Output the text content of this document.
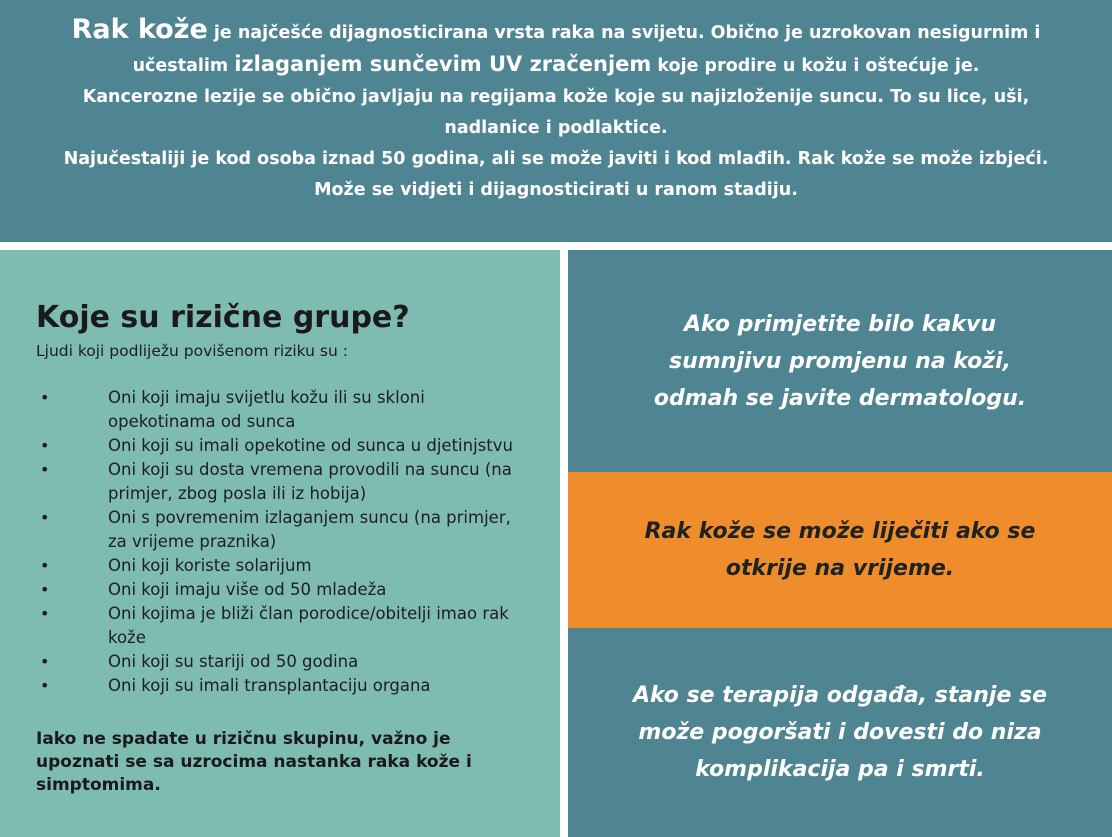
Rak kože je najčešće dijagnosticirana vrsta raka na svijetu. Obično je uzrokovan nesigurnim i

učestalim izlaganjem sunčevim UV zračenjem koje prodire u kožu i oštećuje je.

Kancerozne lezije se obično javljaju na regijama kože koje su najizloženije suncu. To su lice, uši,

nadlanice i podlaktice.

Najučestaliji je kod osoba iznad 50 godina, ali se može javiti i kod mlađih. Rak kože se može izbjeći.

Može se vidjeti i dijagnosticirati u ranom stadiju.

Koje su rizične grupe?

Ljudi koji podliježu povišenom riziku su :

•	Oni koji imaju svijetlu kožu ili su skloni opekotinama od sunca
•	Oni koji su imali opekotine od sunca u djetinjstvu
•	Oni koji su dosta vremena provodili na suncu (na primjer, zbog posla ili iz hobija)
•	Oni s povremenim izlaganjem suncu (na primjer, za vrijeme praznika)
•	Oni koji koriste solarijum
•	Oni koji imaju više od 50 mladeža
•	Oni kojima je bliži član porodice/obitelji imao rak kože
•	Oni koji su stariji od 50 godina
•	Oni koji su imali transplantaciju organa

Iako ne spadate u rizičnu skupinu, važno je upoznati se sa uzrocima nastanka raka kože i simptomima.

Ako primjetite bilo kakvu
sumnjivu promjenu na koži,
odmah se javite dermatologu.
Rak kože se može liječiti ako se
otkrije na vrijeme.
Ako se terapija odgađa, stanje se
može pogoršati i dovesti do niza
komplikacija pa i smrti.
